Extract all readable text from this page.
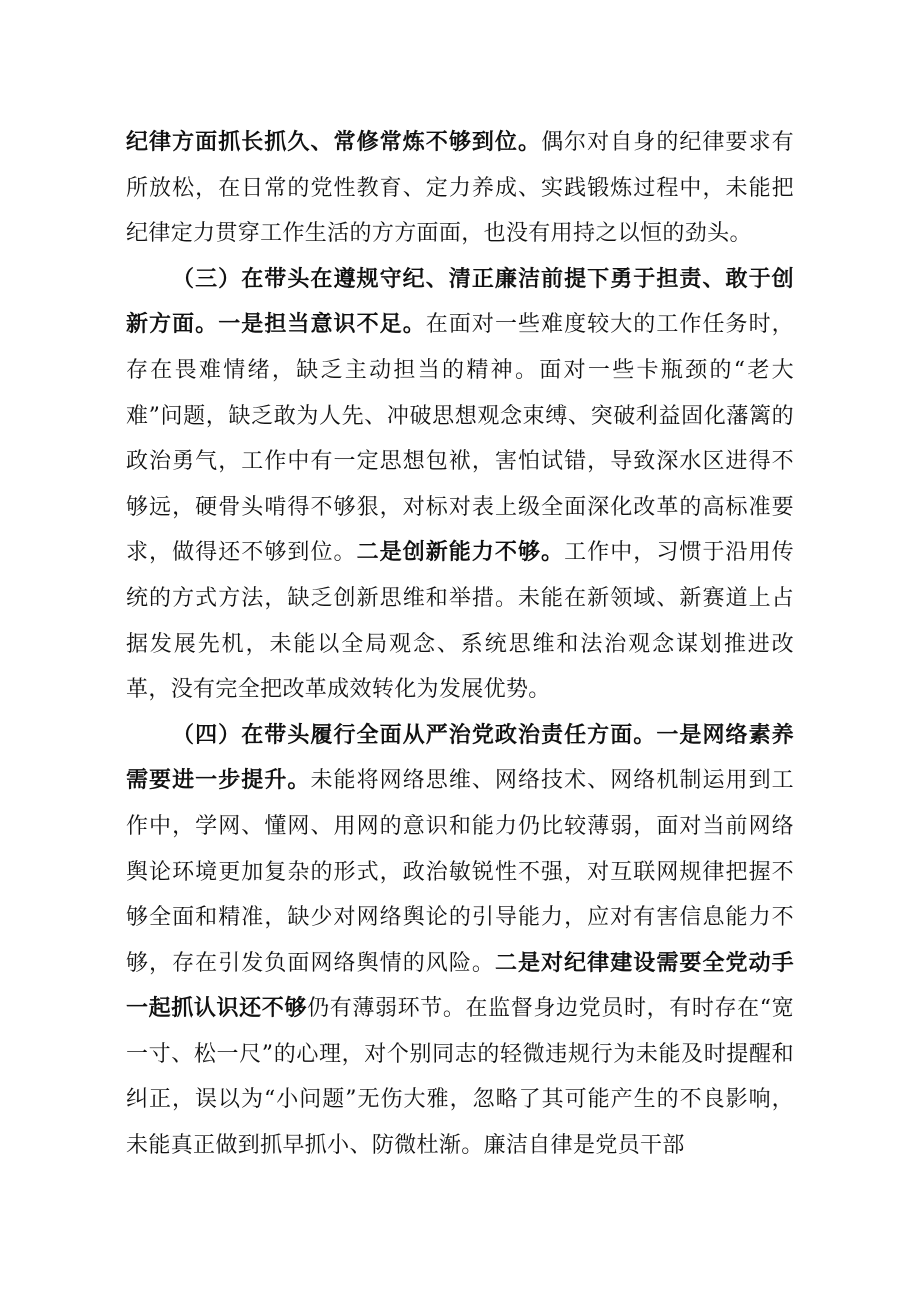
纪律方面抓长抓久、常修常炼不够到位。偶尔对自身的纪律要求有所放松，在日常的党性教育、定力养成、实践锻炼过程中，未能把纪律定力贯穿工作生活的方方面面，也没有用持之以恒的劲头。

（三）在带头在遵规守纪、清正廉洁前提下勇于担责、敢于创新方面。一是担当意识不足。在面对一些难度较大的工作任务时，存在畏难情绪，缺乏主动担当的精神。面对一些卡瓶颈的“老大难”问题，缺乏敢为人先、冲破思想观念束缚、突破利益固化藩篱的政治勇气，工作中有一定思想包袱，害怕试错，导致深水区进得不够远，硬骨头啃得不够狠，对标对表上级全面深化改革的高标准要求，做得还不够到位。二是创新能力不够。工作中，习惯于沿用传统的方式方法，缺乏创新思维和举措。未能在新领域、新赛道上占据发展先机，未能以全局观念、系统思维和法治观念谋划推进改革，没有完全把改革成效转化为发展优势。

（四）在带头履行全面从严治党政治责任方面。一是网络素养需要进一步提升。未能将网络思维、网络技术、网络机制运用到工作中，学网、懂网、用网的意识和能力仍比较薄弱，面对当前网络舆论环境更加复杂的形式，政治敏锐性不强，对互联网规律把握不够全面和精准，缺少对网络舆论的引导能力，应对有害信息能力不够，存在引发负面网络舆情的风险。二是对纪律建设需要全党动手一起抓认识还不够仍有薄弱环节。在监督身边党员时，有时存在“宽一寸、松一尺”的心理，对个别同志的轻微违规行为未能及时提醒和纠正，误以为“小问题”无伤大雅，忽略了其可能产生的不良影响，未能真正做到抓早抓小、防微杜渐。廉洁自律是党员干部
